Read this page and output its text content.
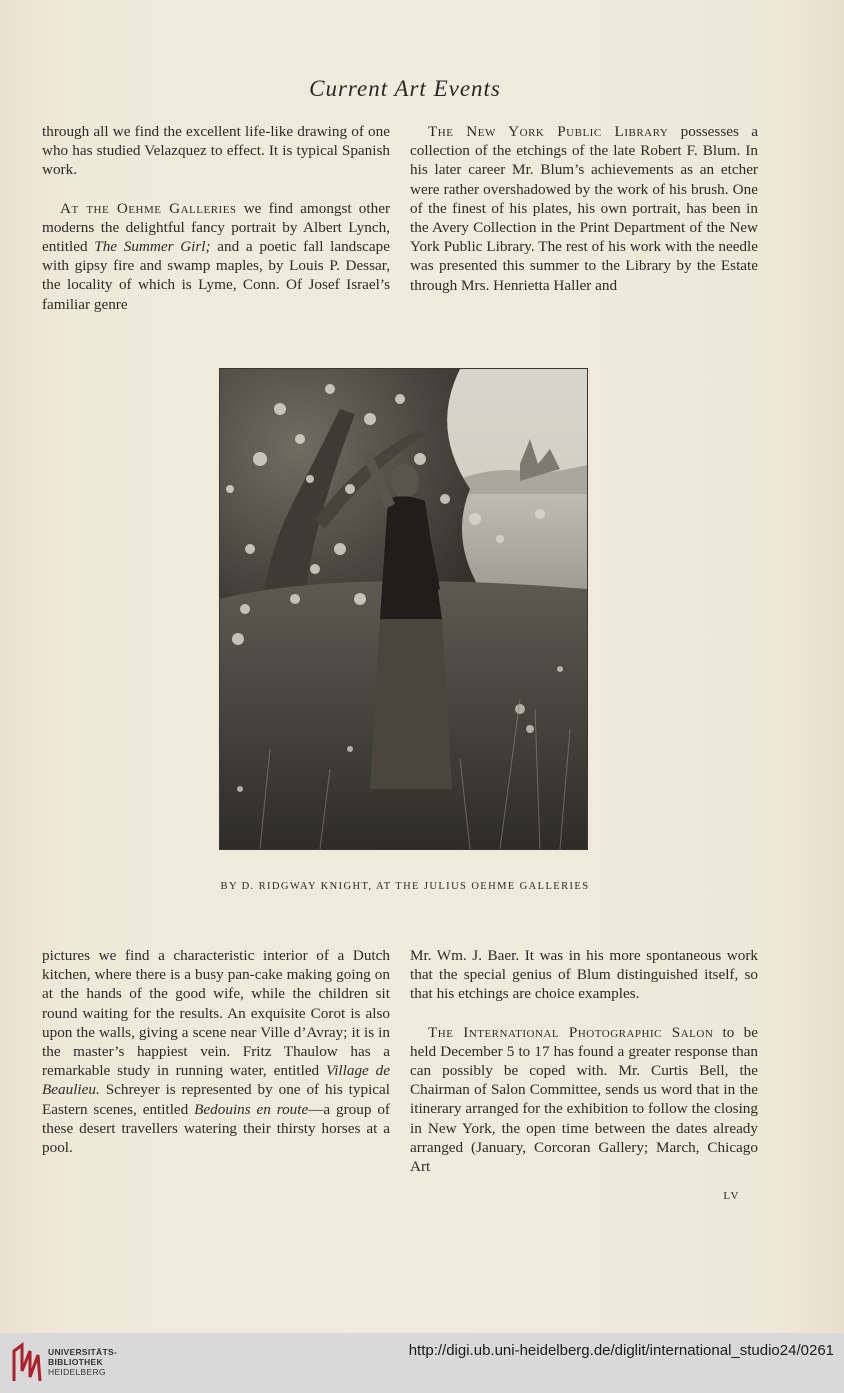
Current Art Events

through all we find the excellent life-like drawing of one who has studied Velazquez to effect. It is typical Spanish work.

At the Oehme Galleries we find amongst other moderns the delightful fancy portrait by Albert Lynch, entitled The Summer Girl; and a poetic fall landscape with gipsy fire and swamp maples, by Louis P. Dessar, the locality of which is Lyme, Conn. Of Josef Israel’s familiar genre

The New York Public Library possesses a collection of the etchings of the late Robert F. Blum. In his later career Mr. Blum’s achievements as an etcher were rather overshadowed by the work of his brush. One of the finest of his plates, his own portrait, has been in the Avery Collection in the Print Department of the New York Public Library. The rest of his work with the needle was presented this summer to the Library by the Estate through Mrs. Henrietta Haller and

BY D. RIDGWAY KNIGHT, AT THE JULIUS OEHME GALLERIES

pictures we find a characteristic interior of a Dutch kitchen, where there is a busy pan-cake making going on at the hands of the good wife, while the children sit round waiting for the results. An exquisite Corot is also upon the walls, giving a scene near Ville d’Avray; it is in the master’s happiest vein. Fritz Thaulow has a remarkable study in running water, entitled Village de Beaulieu. Schreyer is represented by one of his typical Eastern scenes, entitled Bedouins en route—a group of these desert travellers watering their thirsty horses at a pool.

Mr. Wm. J. Baer. It was in his more spontaneous work that the special genius of Blum distinguished itself, so that his etchings are choice examples.

The International Photographic Salon to be held December 5 to 17 has found a greater response than can possibly be coped with. Mr. Curtis Bell, the Chairman of Salon Committee, sends us word that in the itinerary arranged for the exhibition to follow the closing in New York, the open time between the dates already arranged (January, Corcoran Gallery; March, Chicago Art

LV
UNIVERSITÄTS-
BIBLIOTHEK
HEIDELBERG
http://digi.ub.uni-heidelberg.de/diglit/international_studio24/0261
